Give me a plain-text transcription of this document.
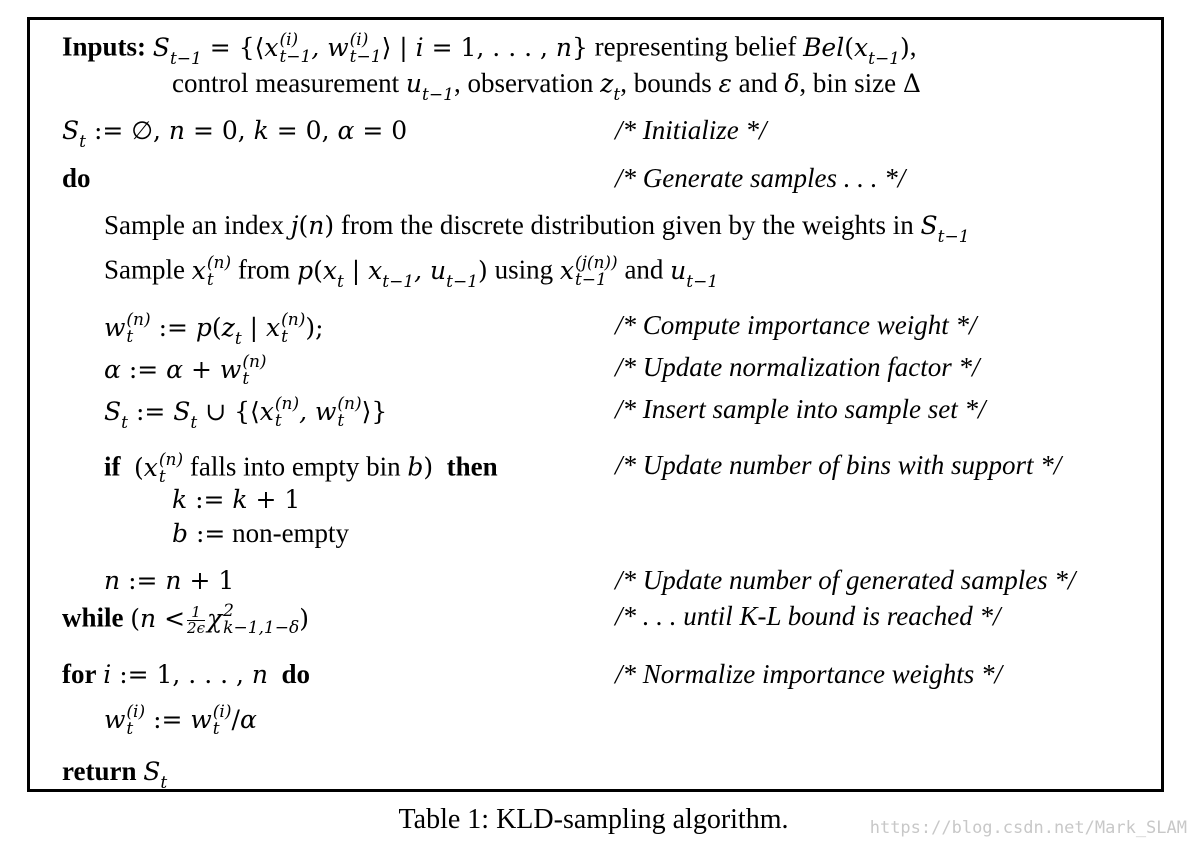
Inputs: $S_{t-1}$ = {⟨x (i)
t−1 , w (i)
t−1 ⟩ | i = 1, . . . , n} representing belief $Bel(x_{t-1})$,
control measurement $u_{t-1}$, observation $z_t$, bounds ε and δ, bin size Δ
$S_t$ := ∅, n = 0, k = 0, α = 0	/* Initialize */
do	/* Generate samples . . . */
Sample an index j(n) from the discrete distribution given by the weights in $S_{t-1}$
Sample x (n)
t from $p(x_t$ | $x_{t-1}$, $u_{t-1}$) using x (j(n))
t−1 and $u_{t-1}$
w (n)
t	:= $p(z_t$ | x (n)
t );	/* Compute importance weight */
α := α + w (n)
t	/* Update normalization factor */
$S_t$ := $S_t$ ∪ {⟨x (n)
t , w (n)
t ⟩}	/* Insert sample into sample set */
if (x (n)
t falls into empty bin b) then	/* Update number of bins with support */
k := k + 1
b := non-empty
n := n + 1	/* Update number of generated samples */
while ($n < \frac{1}{2\epsilon}$ χ 2
k−1,1−δ )	/* . . . until K-L bound is reached */
for i := 1, . . . , n do	/* Normalize importance weights */
w (i)
t := w (i)
t /α
return $S_t$
Table 1: KLD-sampling algorithm.	https://blog.csdn.net/Mark_SLAM
